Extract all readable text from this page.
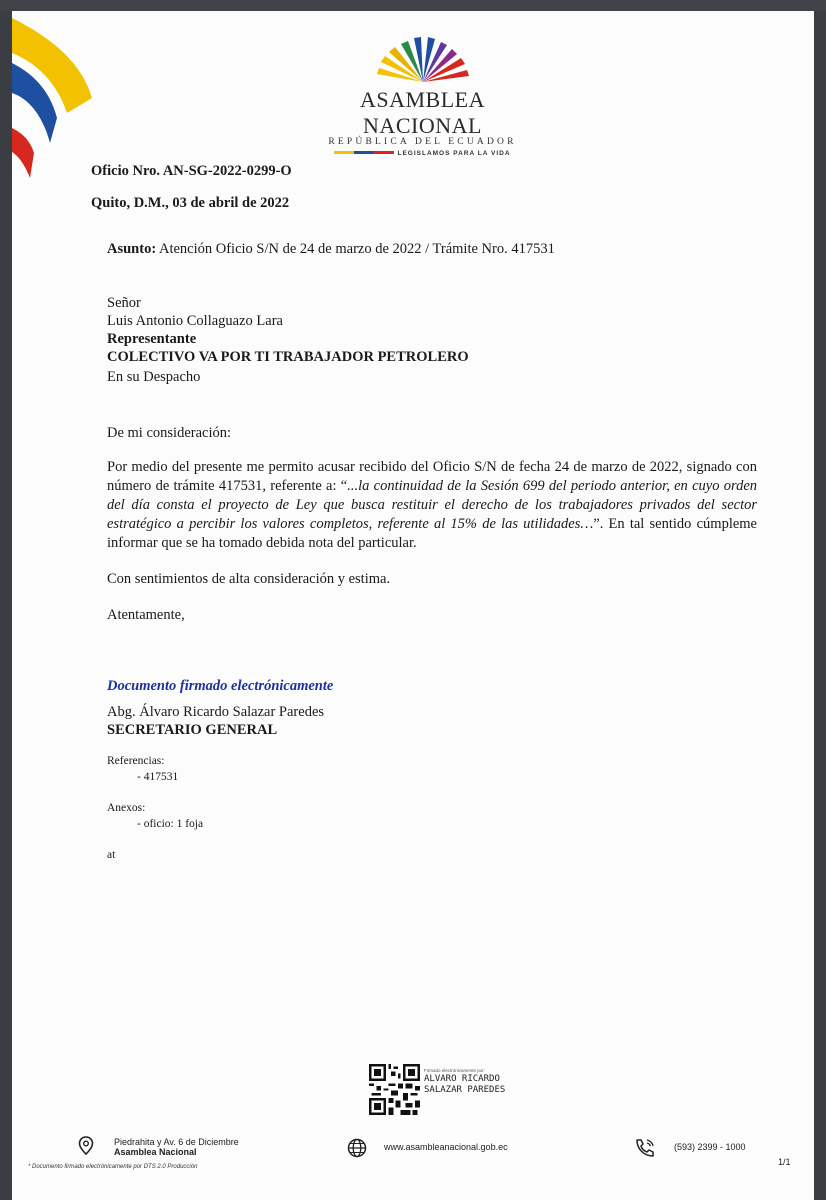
ASAMBLEA NACIONAL
REPÚBLICA DEL ECUADOR
LEGISLAMOS PARA LA VIDA
Oficio Nro. AN-SG-2022-0299-O
Quito, D.M., 03 de abril de 2022
Asunto: Atención Oficio S/N de 24 de marzo de 2022 / Trámite Nro. 417531
Señor
Luis Antonio Collaguazo Lara
Representante
COLECTIVO VA POR TI TRABAJADOR PETROLERO
En su Despacho
De mi consideración:
Por medio del presente me permito acusar recibido del Oficio S/N de fecha 24 de marzo de 2022, signado con número de trámite 417531, referente a: “...la continuidad de la Sesión 699 del periodo anterior, en cuyo orden del día consta el proyecto de Ley que busca restituir el derecho de los trabajadores privados del sector estratégico a percibir los valores completos, referente al 15% de las utilidades…”. En tal sentido cúmpleme informar que se ha tomado debida nota del particular.
Con sentimientos de alta consideración y estima.
Atentamente,
Documento firmado electrónicamente
Abg. Álvaro Ricardo Salazar Paredes
SECRETARIO GENERAL
Referencias:
- 417531
Anexos:
- oficio: 1 foja
at
Firmado electrónicamente por:
ALVARO RICARDO
SALAZAR PAREDES
Piedrahita y Av. 6 de Diciembre
Asamblea Nacional	www.asambleanacional.gob.ec	(593) 2399 - 1000
* Documento firmado electrónicamente por DTS 2.0 Producción	1/1
